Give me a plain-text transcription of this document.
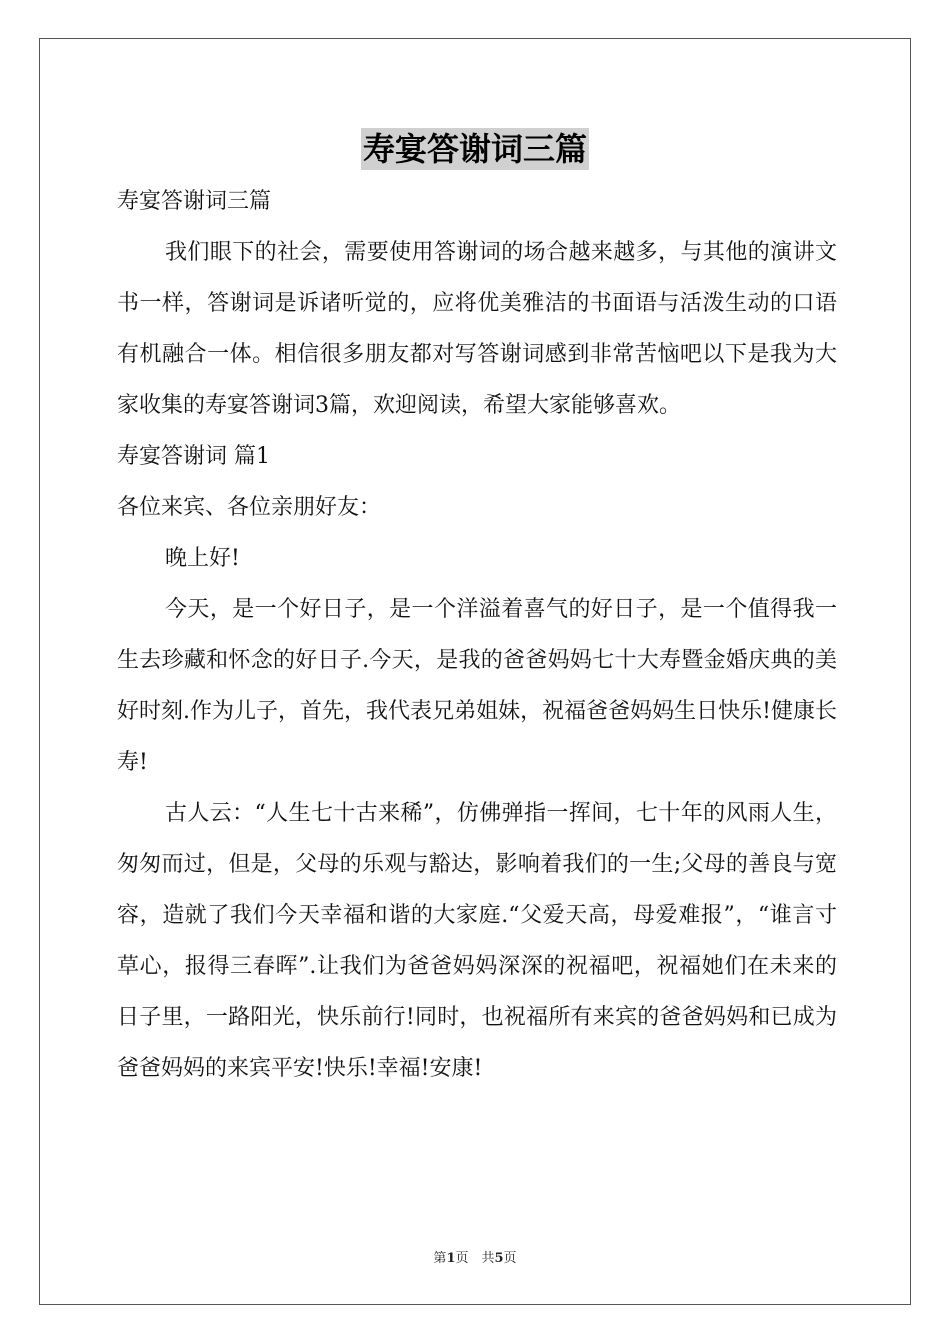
寿宴答谢词三篇

寿宴答谢词三篇

我们眼下的社会，需要使用答谢词的场合越来越多，与其他的演讲文书一样，答谢词是诉诸听觉的，应将优美雅洁的书面语与活泼生动的口语有机融合一体。相信很多朋友都对写答谢词感到非常苦恼吧以下是我为大家收集的寿宴答谢词3篇，欢迎阅读，希望大家能够喜欢。

寿宴答谢词 篇1

各位来宾、各位亲朋好友：

晚上好!

今天，是一个好日子，是一个洋溢着喜气的好日子，是一个值得我一生去珍藏和怀念的好日子.今天，是我的爸爸妈妈七十大寿暨金婚庆典的美好时刻.作为儿子，首先，我代表兄弟姐妹，祝福爸爸妈妈生日快乐!健康长寿!

古人云：“人生七十古来稀”，仿佛弹指一挥间，七十年的风雨人生，匆匆而过，但是，父母的乐观与豁达，影响着我们的一生;父母的善良与宽容，造就了我们今天幸福和谐的大家庭.“父爱天高，母爱难报”，“谁言寸草心，报得三春晖”.让我们为爸爸妈妈深深的祝福吧，祝福她们在未来的日子里，一路阳光，快乐前行!同时，也祝福所有来宾的爸爸妈妈和已成为爸爸妈妈的来宾平安!快乐!幸福!安康!

第1页　共5页
